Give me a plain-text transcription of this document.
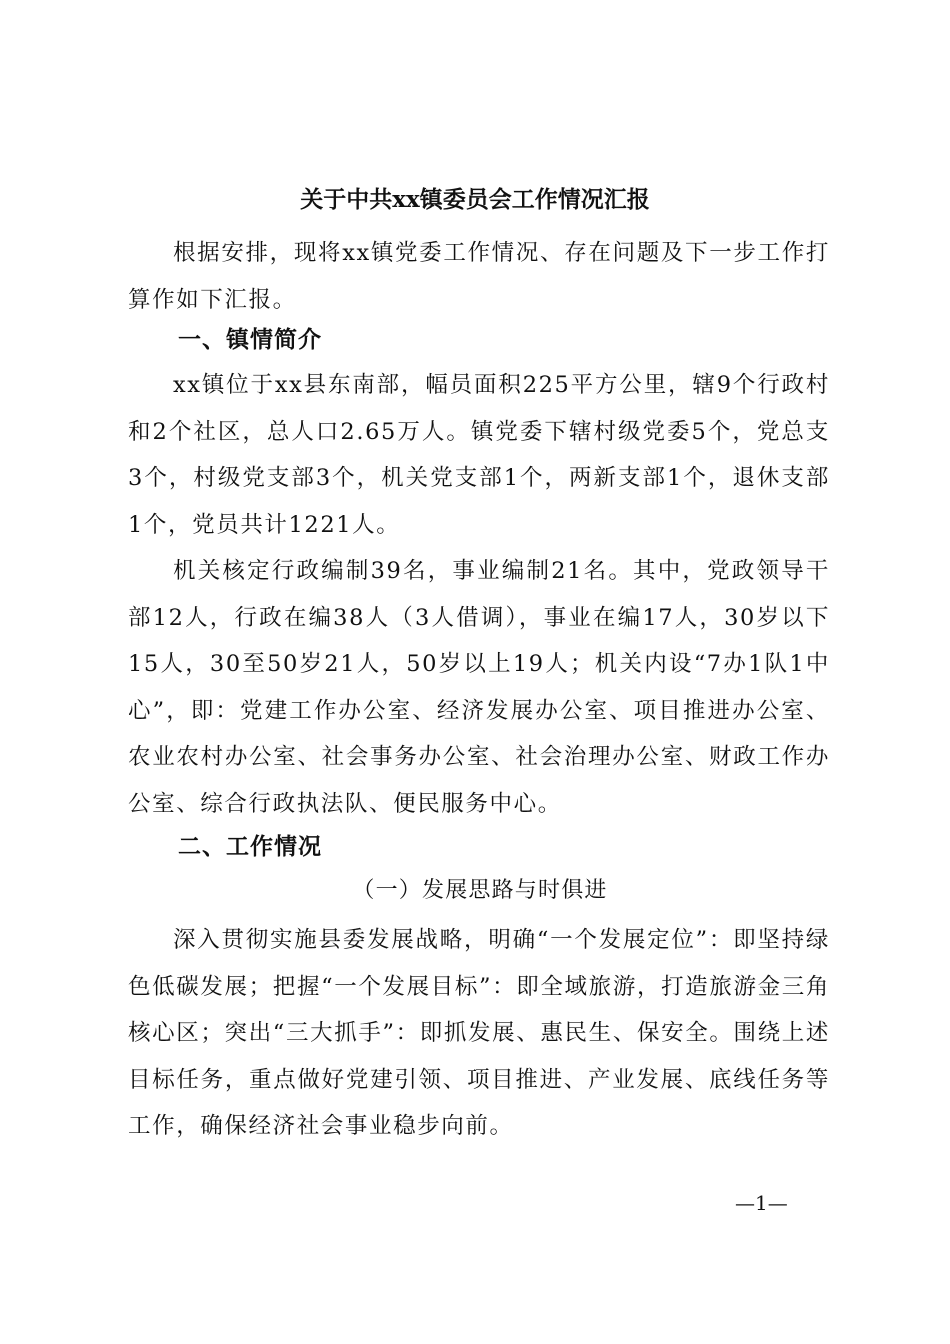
关于中共xx镇委员会工作情况汇报

根据安排，现将xx镇党委工作情况、存在问题及下一步工作打算作如下汇报。

一、镇情简介

xx镇位于xx县东南部，幅员面积225平方公里，辖9个行政村和2个社区，总人口2.65万人。镇党委下辖村级党委5个，党总支3个，村级党支部3个，机关党支部1个，两新支部1个，退休支部1个，党员共计1221人。

机关核定行政编制39名，事业编制21名。其中，党政领导干部12人，行政在编38人（3人借调），事业在编17人，30岁以下15人，30至50岁21人，50岁以上19人；机关内设“7办1队1中心”，即：党建工作办公室、经济发展办公室、项目推进办公室、农业农村办公室、社会事务办公室、社会治理办公室、财政工作办公室、综合行政执法队、便民服务中心。

二、工作情况
（一）发展思路与时俱进

深入贯彻实施县委发展战略，明确“一个发展定位”：即坚持绿色低碳发展；把握“一个发展目标”：即全域旅游，打造旅游金三角核心区；突出“三大抓手”：即抓发展、惠民生、保安全。围绕上述目标任务，重点做好党建引领、项目推进、产业发展、底线任务等工作，确保经济社会事业稳步向前。

—1—
